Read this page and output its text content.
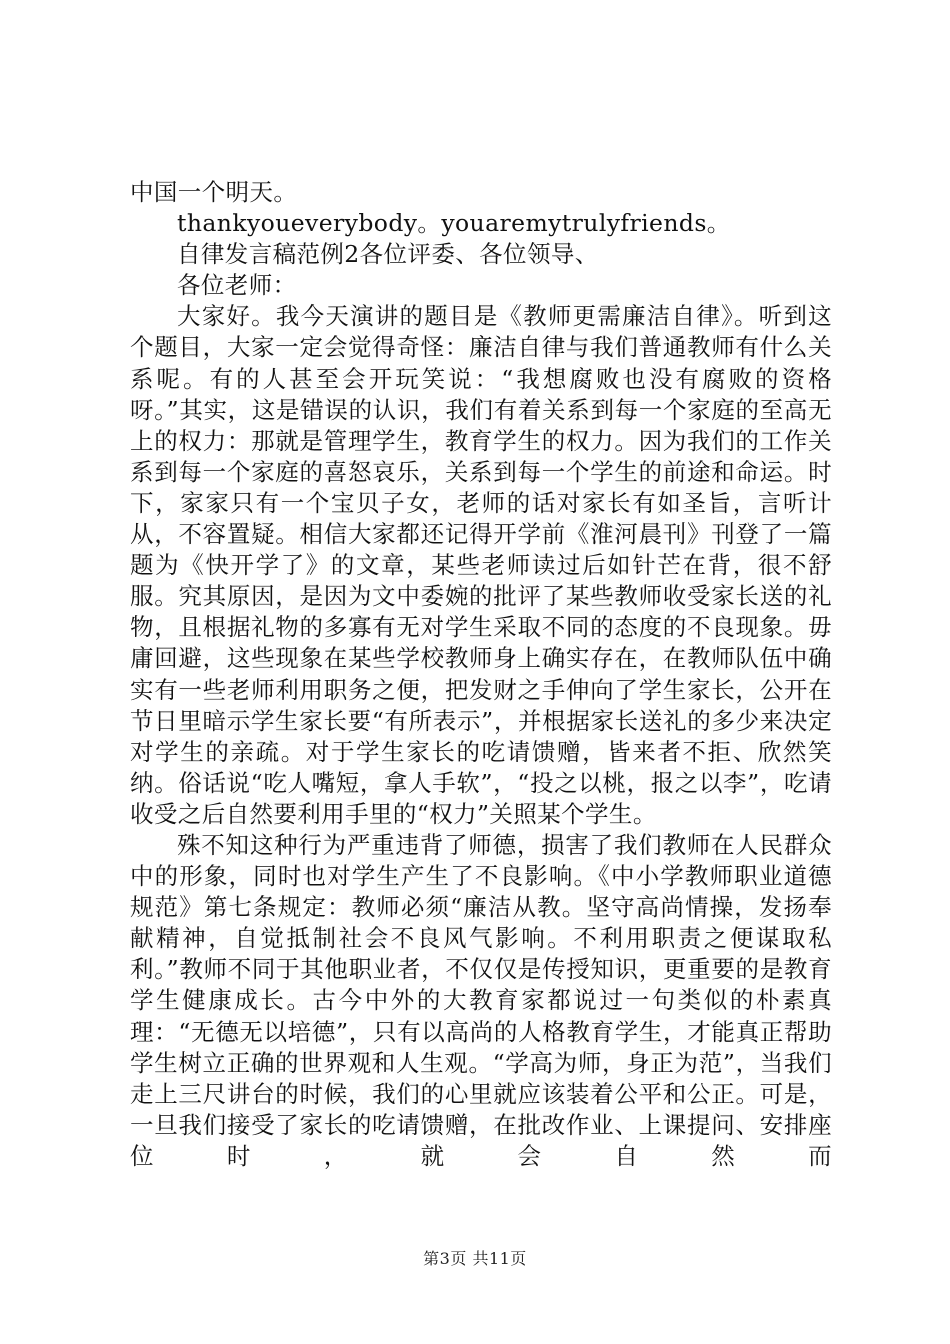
中国一个明天。

thankyoueverybody。youaremytrulyfriends。

自律发言稿范例2各位评委、各位领导、

各位老师：

大家好。我今天演讲的题目是《教师更需廉洁自律》。听到这个题目，大家一定会觉得奇怪：廉洁自律与我们普通教师有什么关系呢。有的人甚至会开玩笑说：“我想腐败也没有腐败的资格呀。”其实，这是错误的认识，我们有着关系到每一个家庭的至高无上的权力：那就是管理学生，教育学生的权力。因为我们的工作关系到每一个家庭的喜怒哀乐，关系到每一个学生的前途和命运。时下，家家只有一个宝贝子女，老师的话对家长有如圣旨，言听计从，不容置疑。相信大家都还记得开学前《淮河晨刊》刊登了一篇题为《快开学了》的文章，某些老师读过后如针芒在背，很不舒服。究其原因，是因为文中委婉的批评了某些教师收受家长送的礼物，且根据礼物的多寡有无对学生采取不同的态度的不良现象。毋庸回避，这些现象在某些学校教师身上确实存在，在教师队伍中确实有一些老师利用职务之便，把发财之手伸向了学生家长，公开在节日里暗示学生家长要“有所表示”，并根据家长送礼的多少来决定对学生的亲疏。对于学生家长的吃请馈赠，皆来者不拒、欣然笑纳。俗话说“吃人嘴短，拿人手软”，“投之以桃，报之以李”，吃请收受之后自然要利用手里的“权力”关照某个学生。

殊不知这种行为严重违背了师德，损害了我们教师在人民群众中的形象，同时也对学生产生了不良影响。《中小学教师职业道德规范》第七条规定：教师必须“廉洁从教。坚守高尚情操，发扬奉献精神，自觉抵制社会不良风气影响。不利用职责之便谋取私利。”教师不同于其他职业者，不仅仅是传授知识，更重要的是教育学生健康成长。古今中外的大教育家都说过一句类似的朴素真理：“无德无以培德”，只有以高尚的人格教育学生，才能真正帮助学生树立正确的世界观和人生观。“学高为师，身正为范”，当我们走上三尺讲台的时候，我们的心里就应该装着公平和公正。可是，一旦我们接受了家长的吃请馈赠，在批改作业、上课提问、安排座位时，就会自然而

第3页 共11页
